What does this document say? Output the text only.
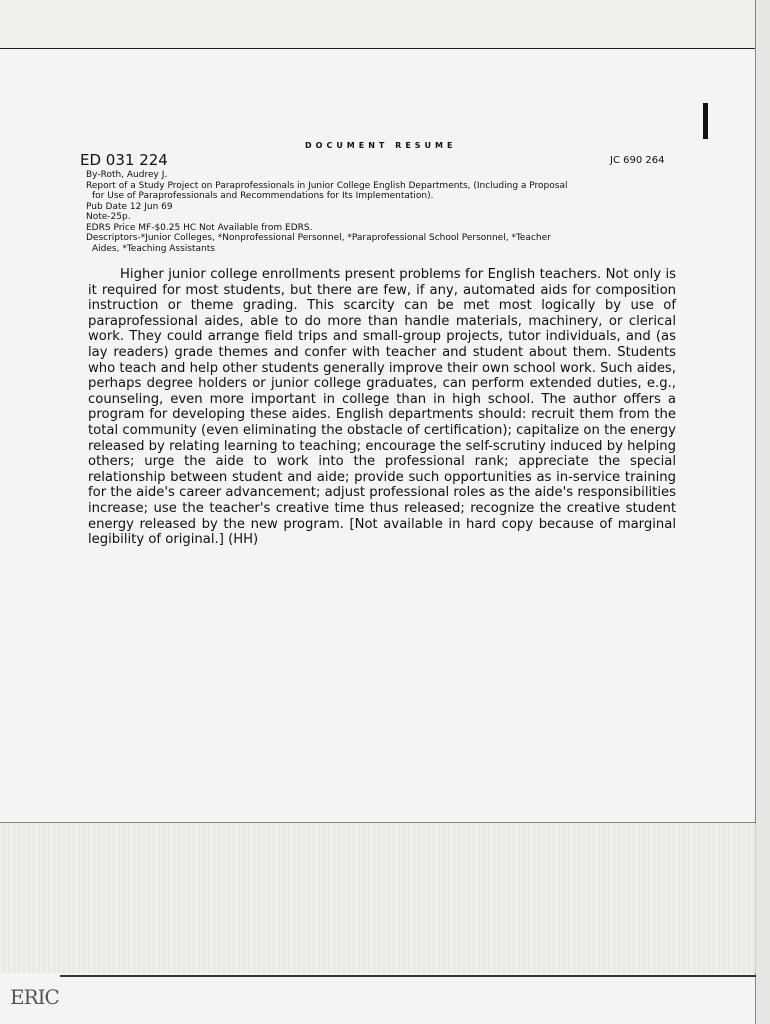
DOCUMENT RESUME
ED 031 224	JC 690 264
By-Roth, Audrey J.
Report of a Study Project on Paraprofessionals in Junior College English Departments, (Including a Proposal
for Use of Paraprofessionals and Recommendations for Its Implementation).
Pub Date 12 Jun 69
Note-25p.
EDRS Price MF-$0.25 HC Not Available from EDRS.
Descriptors-*Junior Colleges, *Nonprofessional Personnel, *Paraprofessional School Personnel, *Teacher
Aides, *Teaching Assistants

Higher junior college enrollments present problems for English teachers. Not only is it required for most students, but there are few, if any, automated aids for composition instruction or theme grading. This scarcity can be met most logically by use of paraprofessional aides, able to do more than handle materials, machinery, or clerical work. They could arrange field trips and small-group projects, tutor individuals, and (as lay readers) grade themes and confer with teacher and student about them. Students who teach and help other students generally improve their own school work. Such aides, perhaps degree holders or junior college graduates, can perform extended duties, e.g., counseling, even more important in college than in high school. The author offers a program for developing these aides. English departments should: recruit them from the total community (even eliminating the obstacle of certification); capitalize on the energy released by relating learning to teaching; encourage the self-scrutiny induced by helping others; urge the aide to work into the professional rank; appreciate the special relationship between student and aide; provide such opportunities as in-service training for the aide's career advancement; adjust professional roles as the aide's responsibilities increase; use the teacher's creative time thus released; recognize the creative student energy released by the new program. [Not available in hard copy because of marginal legibility of original.] (HH)

ERIC
